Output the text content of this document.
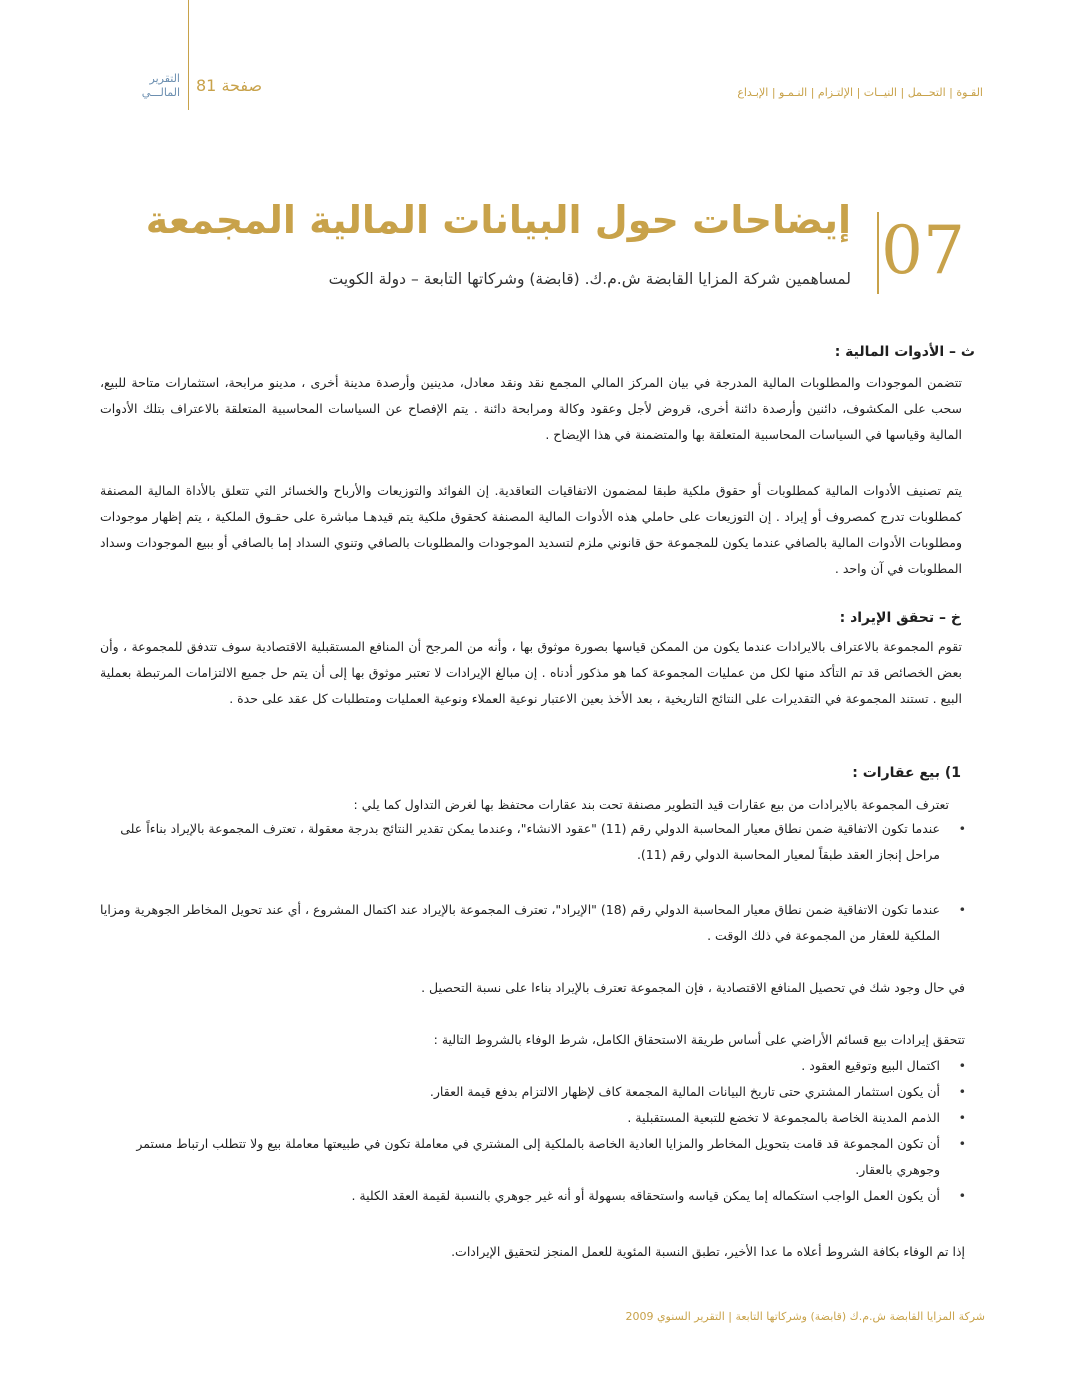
التقرير المالـــي صفحة 81	القـوة | التحــمل | النيــات | الإلتـزام | النـمـو | الإبـداع
07
إيضاحات حول البيانات المالية المجمعة
لمساهمين شركة المزايا القابضة ش.م.ك. (قابضة) وشركاتها التابعة – دولة الكويت
ث – الأدوات المالية :
تتضمن الموجودات والمطلوبات المالية المدرجة في بيان المركز المالي المجمع نقد ونقد معادل، مدينين وأرصدة مدينة أخرى ، مدينو مرابحة، استثمارات متاحة للبيع، سحب على المكشوف، دائنين وأرصدة دائنة أخرى، قروض لأجل وعقود وكالة ومرابحة دائنة . يتم الإفصاح عن السياسات المحاسبية المتعلقة بالاعتراف بتلك الأدوات المالية وقياسها في السياسات المحاسبية المتعلقة بها والمتضمنة في هذا الإيضاح .
يتم تصنيف الأدوات المالية كمطلوبات أو حقوق ملكية طبقا لمضمون الاتفاقيات التعاقدية. إن الفوائد والتوزيعات والأرباح والخسائر التي تتعلق بالأداة المالية المصنفة كمطلوبات تدرج كمصروف أو إيراد . إن التوزيعات على حاملي هذه الأدوات المالية المصنفة كحقوق ملكية يتم قيدهـا مباشرة على حقـوق الملكية ، يتم إظهار موجودات ومطلوبات الأدوات المالية بالصافي عندما يكون للمجموعة حق قانوني ملزم لتسديد الموجودات والمطلوبات بالصافي وتنوي السداد إما بالصافي أو ببيع الموجودات وسداد المطلوبات في آن واحد .
خ – تحقق الإيراد :
تقوم المجموعة بالاعتراف بالايرادات عندما يكون من الممكن قياسها بصورة موثوق بها ، وأنه من المرجح أن المنافع المستقبلية الاقتصادية سوف تتدفق للمجموعة ، وأن بعض الخصائص قد تم التأكد منها لكل من عمليات المجموعة كما هو مذكور أدناه . إن مبالغ الإيرادات لا تعتبر موثوق بها إلى أن يتم حل جميع الالتزامات المرتبطة بعملية البيع . تستند المجموعة في التقديرات على النتائج التاريخية ، بعد الأخذ بعين الاعتبار نوعية العملاء ونوعية العمليات ومتطلبات كل عقد على حدة .
1) بيع عقارات :
تعترف المجموعة بالايرادات من بيع عقارات قيد التطوير مصنفة تحت بند عقارات محتفظ بها لغرض التداول كما يلي :
• عندما تكون الاتفاقية ضمن نطاق معيار المحاسبة الدولي رقم (11) "عقود الانشاء"، وعندما يمكن تقدير النتائج بدرجة معقولة ، تعترف المجموعة بالإيراد بناءاً على مراحل إنجاز العقد طبقاً لمعيار المحاسبة الدولي رقم (11).
• عندما تكون الاتفاقية ضمن نطاق معيار المحاسبة الدولي رقم (18) "الإيراد"، تعترف المجموعة بالإيراد عند اكتمال المشروع ، أي عند تحويل المخاطر الجوهرية ومزايا الملكية للعقار من المجموعة في ذلك الوقت .
في حال وجود شك في تحصيل المنافع الاقتصادية ، فإن المجموعة تعترف بالإيراد بناءا على نسبة التحصيل .
تتحقق إيرادات بيع قسائم الأراضي على أساس طريقة الاستحقاق الكامل، شرط الوفاء بالشروط التالية :
• اكتمال البيع وتوقيع العقود .
• أن يكون استثمار المشتري حتى تاريخ البيانات المالية المجمعة كاف لإظهار الالتزام بدفع قيمة العقار.
• الذمم المدينة الخاصة بالمجموعة لا تخضع للتبعية المستقبلية .
• أن تكون المجموعة قد قامت بتحويل المخاطر والمزايا العادية الخاصة بالملكية إلى المشتري في معاملة تكون في طبيعتها معاملة بيع ولا تتطلب ارتباط مستمر وجوهري بالعقار.
• أن يكون العمل الواجب استكماله إما يمكن قياسه واستحقاقه بسهولة أو أنه غير جوهري بالنسبة لقيمة العقد الكلية .
إذا تم الوفاء بكافة الشروط أعلاه ما عدا الأخير، تطبق النسبة المئوية للعمل المنجز لتحقيق الإيرادات.
شركة المزايا القابضة ش.م.ك (قابضة) وشركاتها التابعة | التقرير السنوي 2009
